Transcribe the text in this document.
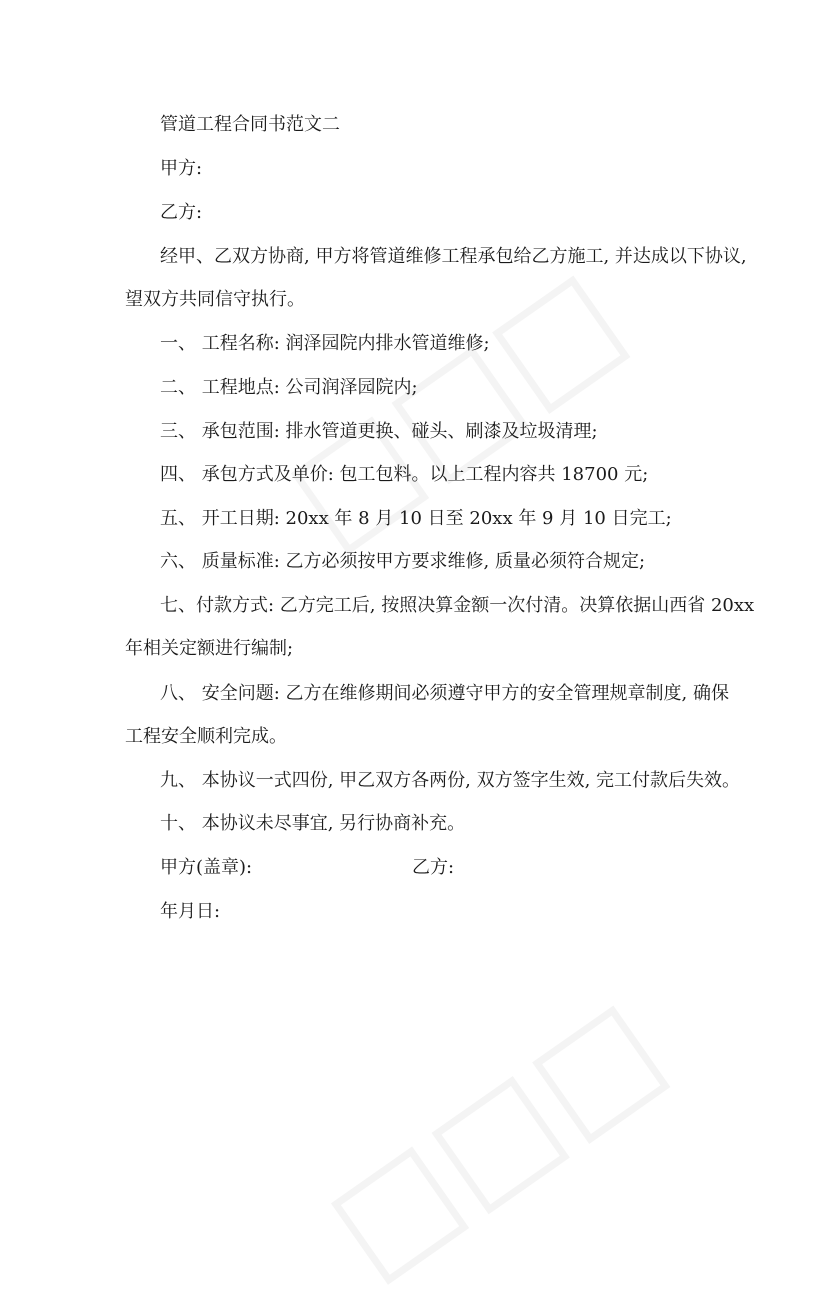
管道工程合同书范文二
甲方:
乙方:
经甲、乙双方协商, 甲方将管道维修工程承包给乙方施工, 并达成以下协议,
望双方共同信守执行。
一、 工程名称: 润泽园院内排水管道维修;
二、 工程地点: 公司润泽园院内;
三、 承包范围: 排水管道更换、碰头、刷漆及垃圾清理;
四、 承包方式及单价: 包工包料。以上工程内容共 18700 元;
五、 开工日期: 20xx 年 8 月 10 日至 20xx 年 9 月 10 日完工;
六、 质量标准: 乙方必须按甲方要求维修, 质量必须符合规定;
七、付款方式: 乙方完工后, 按照决算金额一次付清。决算依据山西省 20xx
年相关定额进行编制;
八、 安全问题: 乙方在维修期间必须遵守甲方的安全管理规章制度, 确保
工程安全顺利完成。
九、 本协议一式四份, 甲乙双方各两份, 双方签字生效, 完工付款后失效。
十、 本协议未尽事宜, 另行协商补充。
甲方(盖章):	乙方:
年月日:
